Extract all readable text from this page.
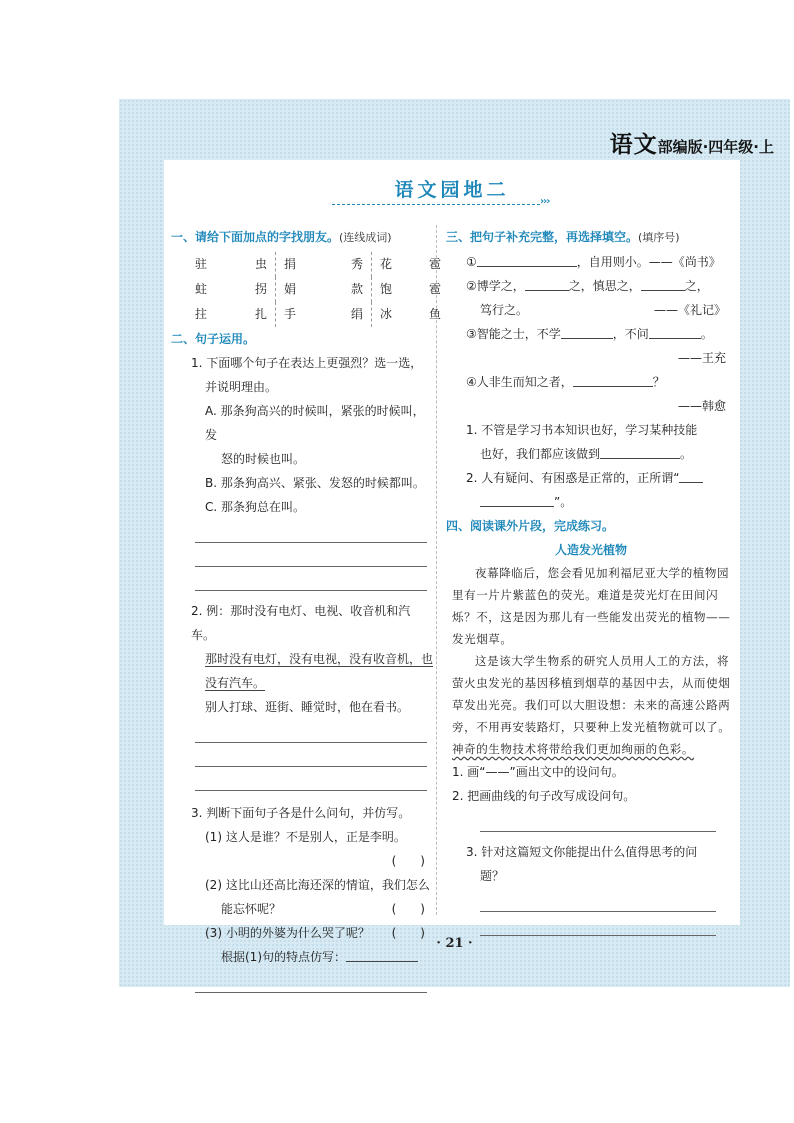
语文部编版·四年级·上
语文园地二
›››
一、请给下面加点的字找朋友。(连线成词)
驻	虫 捐	秀 花	雹
蛀	拐 娟	款 饱	雹
拄	扎 手	绢 冰	鱼
二、句子运用。
1. 下面哪个句子在表达上更强烈？选一选，
并说明理由。
A. 那条狗高兴的时候叫，紧张的时候叫，发
怒的时候也叫。
B. 那条狗高兴、紧张、发怒的时候都叫。
C. 那条狗总在叫。
2. 例：那时没有电灯、电视、收音机和汽车。
那时没有电灯，没有电视，没有收音机，也
没有汽车。
别人打球、逛街、睡觉时，他在看书。
3. 判断下面句子各是什么问句，并仿写。
(1) 这人是谁？不是别人，正是李明。
(　　)

(2) 这比山还高比海还深的情谊，我们怎么
能忘怀呢？	(　　)
(3) 小明的外婆为什么哭了呢？ (　　)
根据(1)句的特点仿写：
三、把句子补充完整，再选择填空。(填序号)
①	，自用则小。——《尚书》
②博学之，	之，慎思之，	之，
笃行之。	——《礼记》
③智能之士，不学	，不问	。
——王充

④人非生而知之者，	？
——韩愈

1. 不管是学习书本知识也好，学习某种技能
也好，我们都应该做到	。
2. 人有疑问、有困惑是正常的，正所谓“
”。
四、阅读课外片段，完成练习。
人造发光植物
夜幕降临后，您会看见加利福尼亚大学的植物园里有一片片紫蓝色的荧光。难道是荧光灯在田间闪烁？不，这是因为那儿有一些能发出荧光的植物——发光烟草。
这是该大学生物系的研究人员用人工的方法，将萤火虫发光的基因移植到烟草的基因中去，从而使烟草发出光亮。我们可以大胆设想：未来的高速公路两旁，不用再安装路灯，只要种上发光植物就可以了。神奇的生物技术将带给我们更加绚丽的色彩。
1. 画“——”画出文中的设问句。
2. 把画曲线的句子改写成设问句。
3. 针对这篇短文你能提出什么值得思考的问
题？
· 21 ·
